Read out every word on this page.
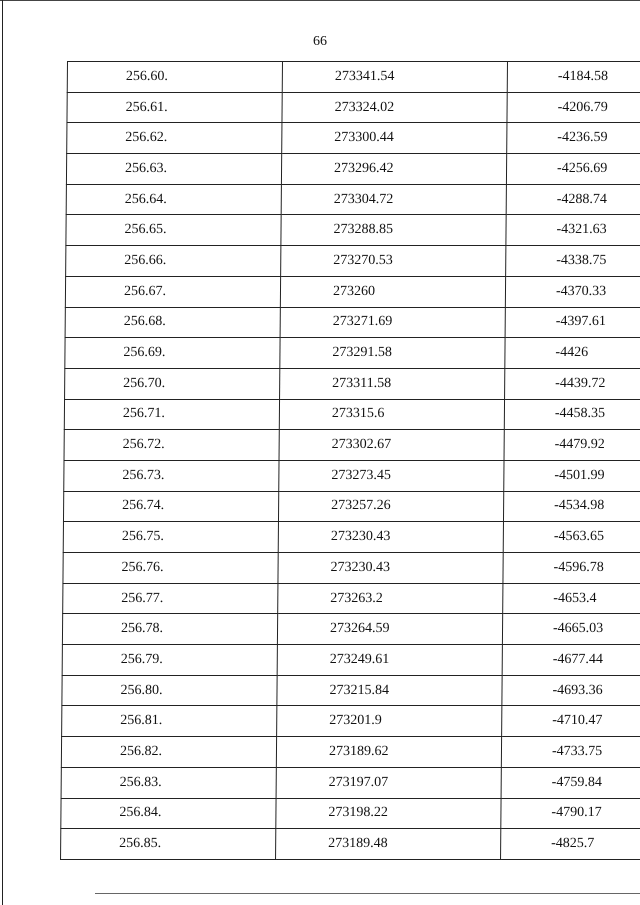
66
256.60.	273341.54	-4184.58
256.61.	273324.02	-4206.79
256.62.	273300.44	-4236.59
256.63.	273296.42	-4256.69
256.64.	273304.72	-4288.74
256.65.	273288.85	-4321.63
256.66.	273270.53	-4338.75
256.67.	273260	-4370.33
256.68.	273271.69	-4397.61
256.69.	273291.58	-4426
256.70.	273311.58	-4439.72
256.71.	273315.6	-4458.35
256.72.	273302.67	-4479.92
256.73.	273273.45	-4501.99
256.74.	273257.26	-4534.98
256.75.	273230.43	-4563.65
256.76.	273230.43	-4596.78
256.77.	273263.2	-4653.4
256.78.	273264.59	-4665.03
256.79.	273249.61	-4677.44
256.80.	273215.84	-4693.36
256.81.	273201.9	-4710.47
256.82.	273189.62	-4733.75
256.83.	273197.07	-4759.84
256.84.	273198.22	-4790.17
256.85.	273189.48	-4825.7
